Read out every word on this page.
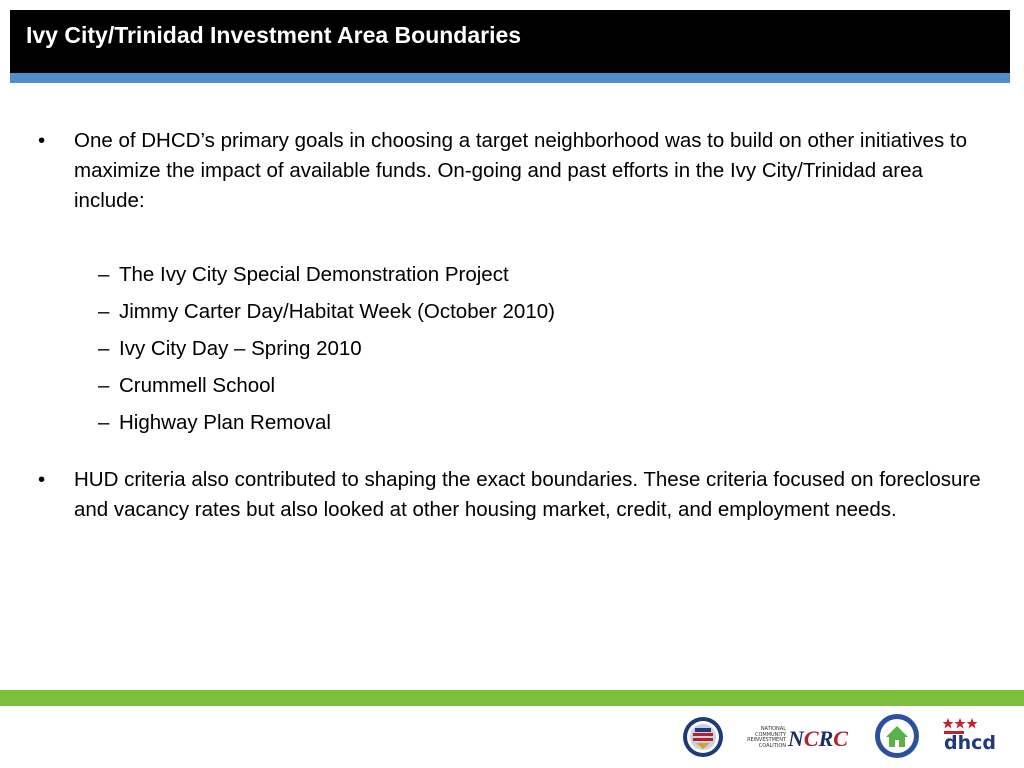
Ivy City/Trinidad Investment Area Boundaries
•	One of DHCD’s primary goals in choosing a target neighborhood was to build on other initiatives to maximize the impact of available funds. On-going and past efforts in the Ivy City/Trinidad area include:
– The Ivy City Special Demonstration Project
– Jimmy Carter Day/Habitat Week (October 2010)
– Ivy City Day – Spring 2010
– Crummell School
– Highway Plan Removal
•	HUD criteria also contributed to shaping the exact boundaries. These criteria focused on foreclosure and vacancy rates but also looked at other housing market, credit, and employment needs.
NATIONAL COMMUNITY REINVESTMENT COALITION NCRC	dhcd
